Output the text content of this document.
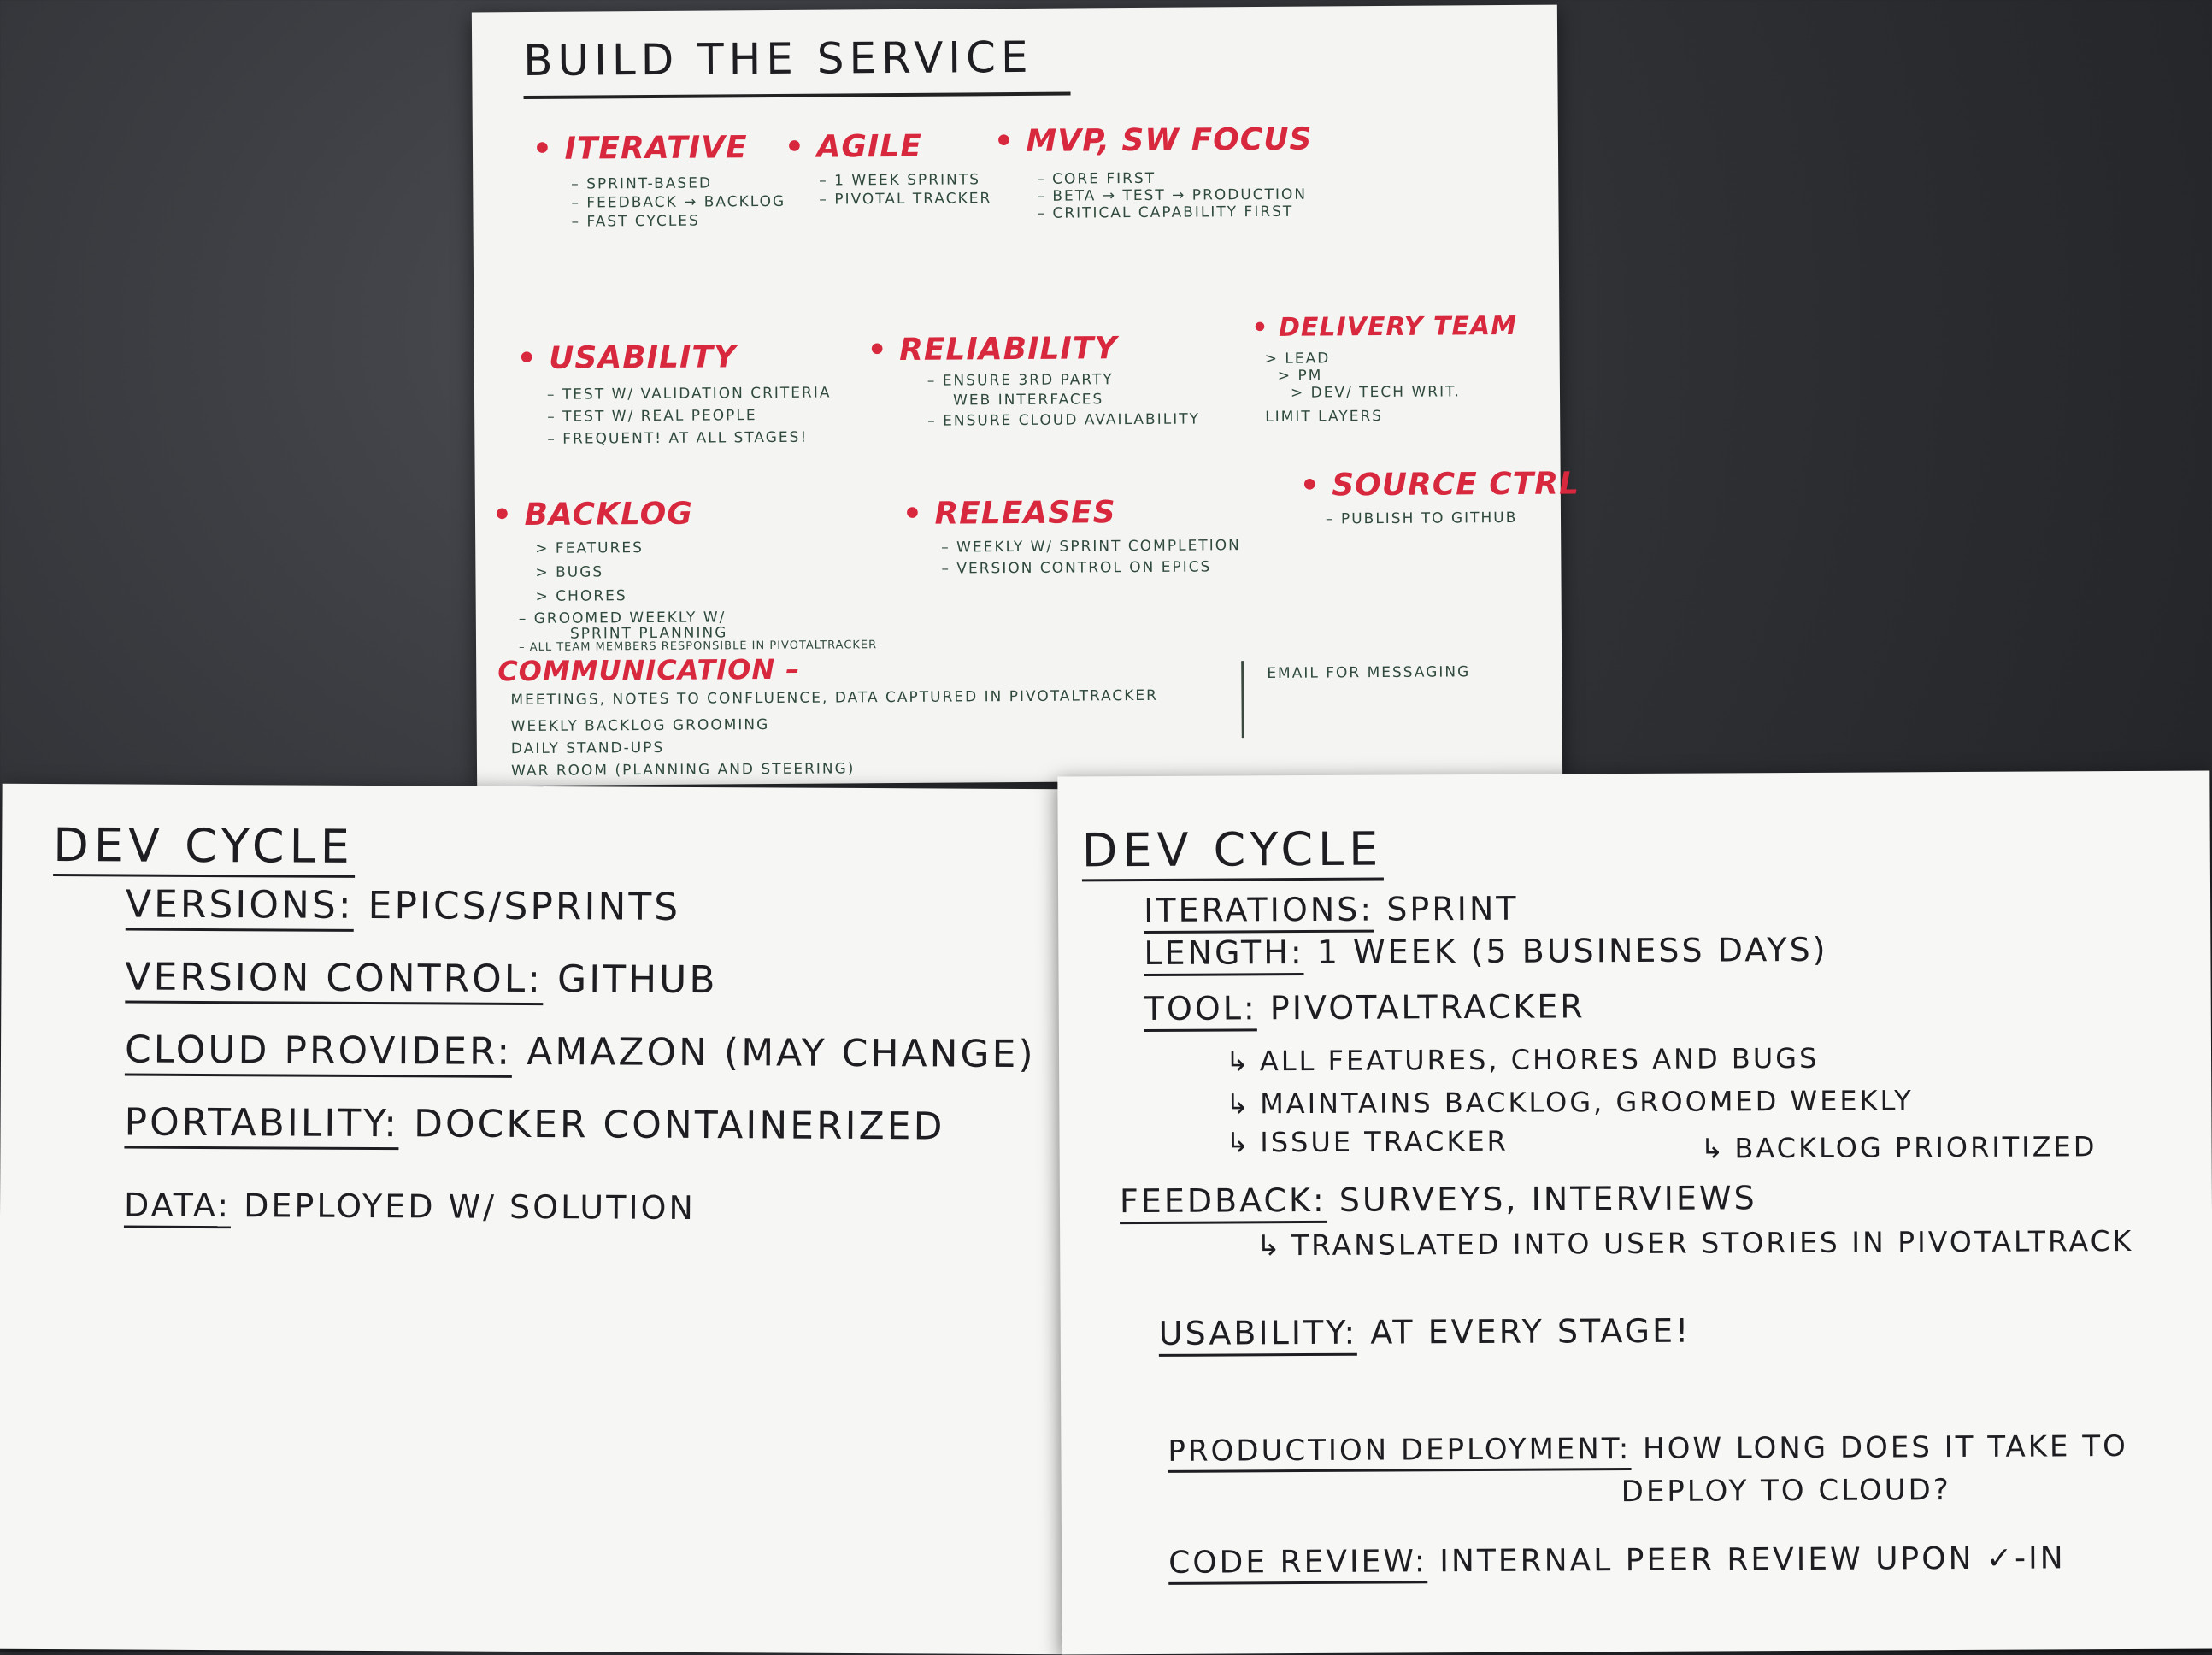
BUILD THE SERVICE
• ITERATIVE
– SPRINT-BASED
– FEEDBACK → BACKLOG
– FAST CYCLES
• AGILE
– 1 WEEK SPRINTS
– PIVOTAL TRACKER
• MVP, SW FOCUS
– CORE FIRST
– BETA → TEST → PRODUCTION
– CRITICAL CAPABILITY FIRST
• USABILITY
– TEST W/ VALIDATION CRITERIA
– TEST W/ REAL PEOPLE
– FREQUENT! AT ALL STAGES!
• RELIABILITY
– ENSURE 3RD PARTY
WEB INTERFACES
– ENSURE CLOUD AVAILABILITY
• DELIVERY TEAM
> LEAD
> PM
> DEV/ TECH WRIT.
LIMIT LAYERS
• BACKLOG
> FEATURES
> BUGS
> CHORES
– GROOMED WEEKLY W/
SPRINT PLANNING
– ALL TEAM MEMBERS RESPONSIBLE IN PIVOTALTRACKER
• RELEASES
– WEEKLY W/ SPRINT COMPLETION
– VERSION CONTROL ON EPICS
• SOURCE CTRL
– PUBLISH TO GITHUB
COMMUNICATION –
MEETINGS, NOTES TO CONFLUENCE, DATA CAPTURED IN PIVOTALTRACKER
WEEKLY BACKLOG GROOMING
DAILY STAND-UPS
WAR ROOM (PLANNING AND STEERING)
EMAIL FOR MESSAGING
DEV CYCLE
VERSIONS: EPICS/SPRINTS
VERSION CONTROL: GITHUB
CLOUD PROVIDER: AMAZON (MAY CHANGE)
PORTABILITY: DOCKER CONTAINERIZED
DATA: DEPLOYED W/ SOLUTION
DEV CYCLE
ITERATIONS: SPRINT
LENGTH: 1 WEEK (5 BUSINESS DAYS)
TOOL: PIVOTALTRACKER
↳ ALL FEATURES, CHORES AND BUGS
↳ MAINTAINS BACKLOG, GROOMED WEEKLY
↳ ISSUE TRACKER	↳ BACKLOG PRIORITIZED
FEEDBACK: SURVEYS, INTERVIEWS
↳ TRANSLATED INTO USER STORIES IN PIVOTALTRACK
USABILITY: AT EVERY STAGE!
PRODUCTION DEPLOYMENT: HOW LONG DOES IT TAKE TO
DEPLOY TO CLOUD?
CODE REVIEW: INTERNAL PEER REVIEW UPON ✓-IN
